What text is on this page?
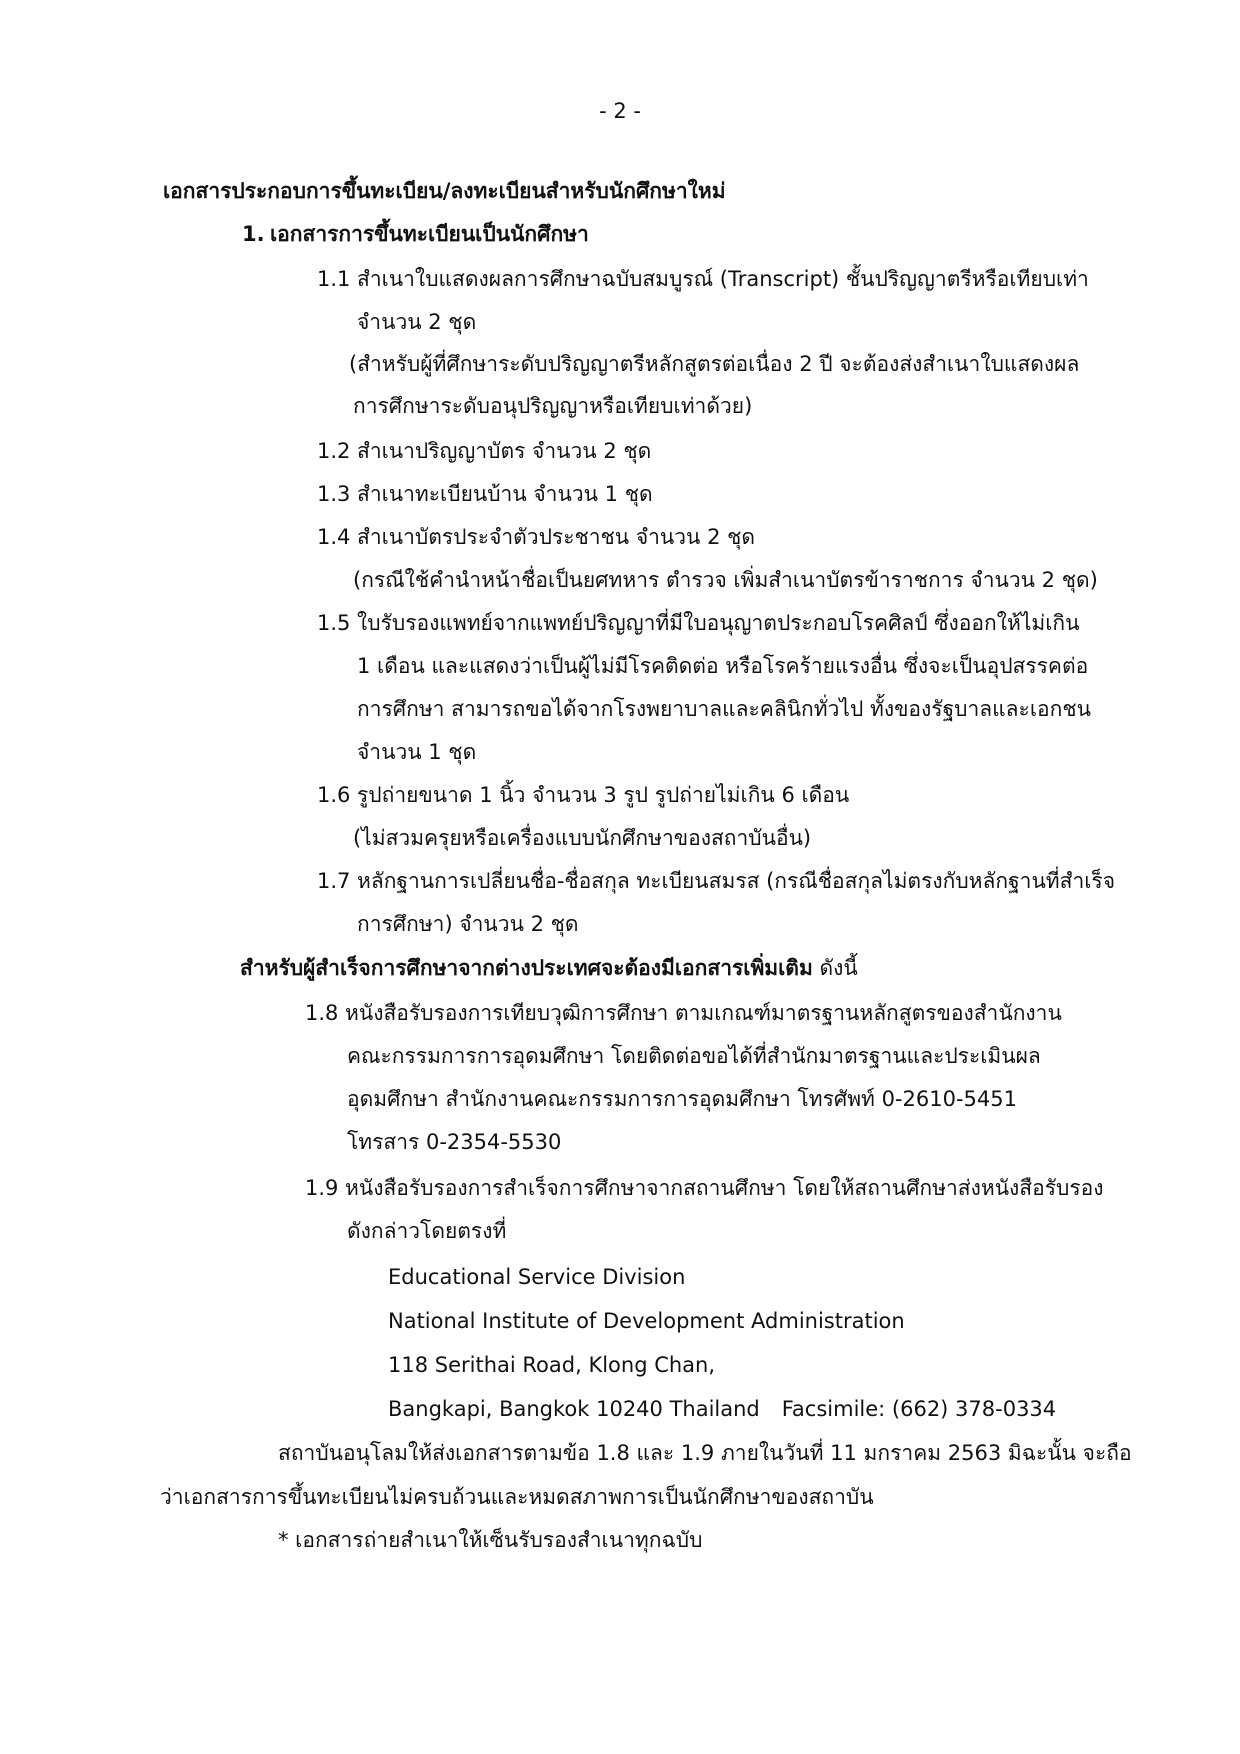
- 2 -
เอกสารประกอบการขึ้นทะเบียน/ลงทะเบียนสำหรับนักศึกษาใหม่
1. เอกสารการขึ้นทะเบียนเป็นนักศึกษา
1.1 สำเนาใบแสดงผลการศึกษาฉบับสมบูรณ์ (Transcript) ชั้นปริญญาตรีหรือเทียบเท่า
จำนวน 2 ชุด
(สำหรับผู้ที่ศึกษาระดับปริญญาตรีหลักสูตรต่อเนื่อง 2 ปี จะต้องส่งสำเนาใบแสดงผล
การศึกษาระดับอนุปริญญาหรือเทียบเท่าด้วย)
1.2 สำเนาปริญญาบัตร จำนวน 2 ชุด
1.3 สำเนาทะเบียนบ้าน จำนวน 1 ชุด
1.4 สำเนาบัตรประจำตัวประชาชน จำนวน 2 ชุด
(กรณีใช้คำนำหน้าชื่อเป็นยศทหาร ตำรวจ เพิ่มสำเนาบัตรข้าราชการ จำนวน 2 ชุด)
1.5 ใบรับรองแพทย์จากแพทย์ปริญญาที่มีใบอนุญาตประกอบโรคศิลป์ ซึ่งออกให้ไม่เกิน
1 เดือน และแสดงว่าเป็นผู้ไม่มีโรคติดต่อ หรือโรคร้ายแรงอื่น ซึ่งจะเป็นอุปสรรคต่อ
การศึกษา สามารถขอได้จากโรงพยาบาลและคลินิกทั่วไป ทั้งของรัฐบาลและเอกชน
จำนวน 1 ชุด
1.6 รูปถ่ายขนาด 1 นิ้ว จำนวน 3 รูป รูปถ่ายไม่เกิน 6 เดือน
(ไม่สวมครุยหรือเครื่องแบบนักศึกษาของสถาบันอื่น)
1.7 หลักฐานการเปลี่ยนชื่อ-ชื่อสกุล ทะเบียนสมรส (กรณีชื่อสกุลไม่ตรงกับหลักฐานที่สำเร็จ
การศึกษา) จำนวน 2 ชุด
สำหรับผู้สำเร็จการศึกษาจากต่างประเทศจะต้องมีเอกสารเพิ่มเติม ดังนี้
1.8 หนังสือรับรองการเทียบวุฒิการศึกษา ตามเกณฑ์มาตรฐานหลักสูตรของสำนักงาน
คณะกรรมการการอุดมศึกษา โดยติดต่อขอได้ที่สำนักมาตรฐานและประเมินผล
อุดมศึกษา สำนักงานคณะกรรมการการอุดมศึกษา โทรศัพท์ 0-2610-5451
โทรสาร 0-2354-5530
1.9 หนังสือรับรองการสำเร็จการศึกษาจากสถานศึกษา โดยให้สถานศึกษาส่งหนังสือรับรอง
ดังกล่าวโดยตรงที่
Educational Service Division
National Institute of Development Administration
118 Serithai Road, Klong Chan,
Bangkapi, Bangkok 10240 Thailand Facsimile: (662) 378-0334
สถาบันอนุโลมให้ส่งเอกสารตามข้อ 1.8 และ 1.9 ภายในวันที่ 11 มกราคม 2563 มิฉะนั้น จะถือ
ว่าเอกสารการขึ้นทะเบียนไม่ครบถ้วนและหมดสภาพการเป็นนักศึกษาของสถาบัน
* เอกสารถ่ายสำเนาให้เซ็นรับรองสำเนาทุกฉบับ
